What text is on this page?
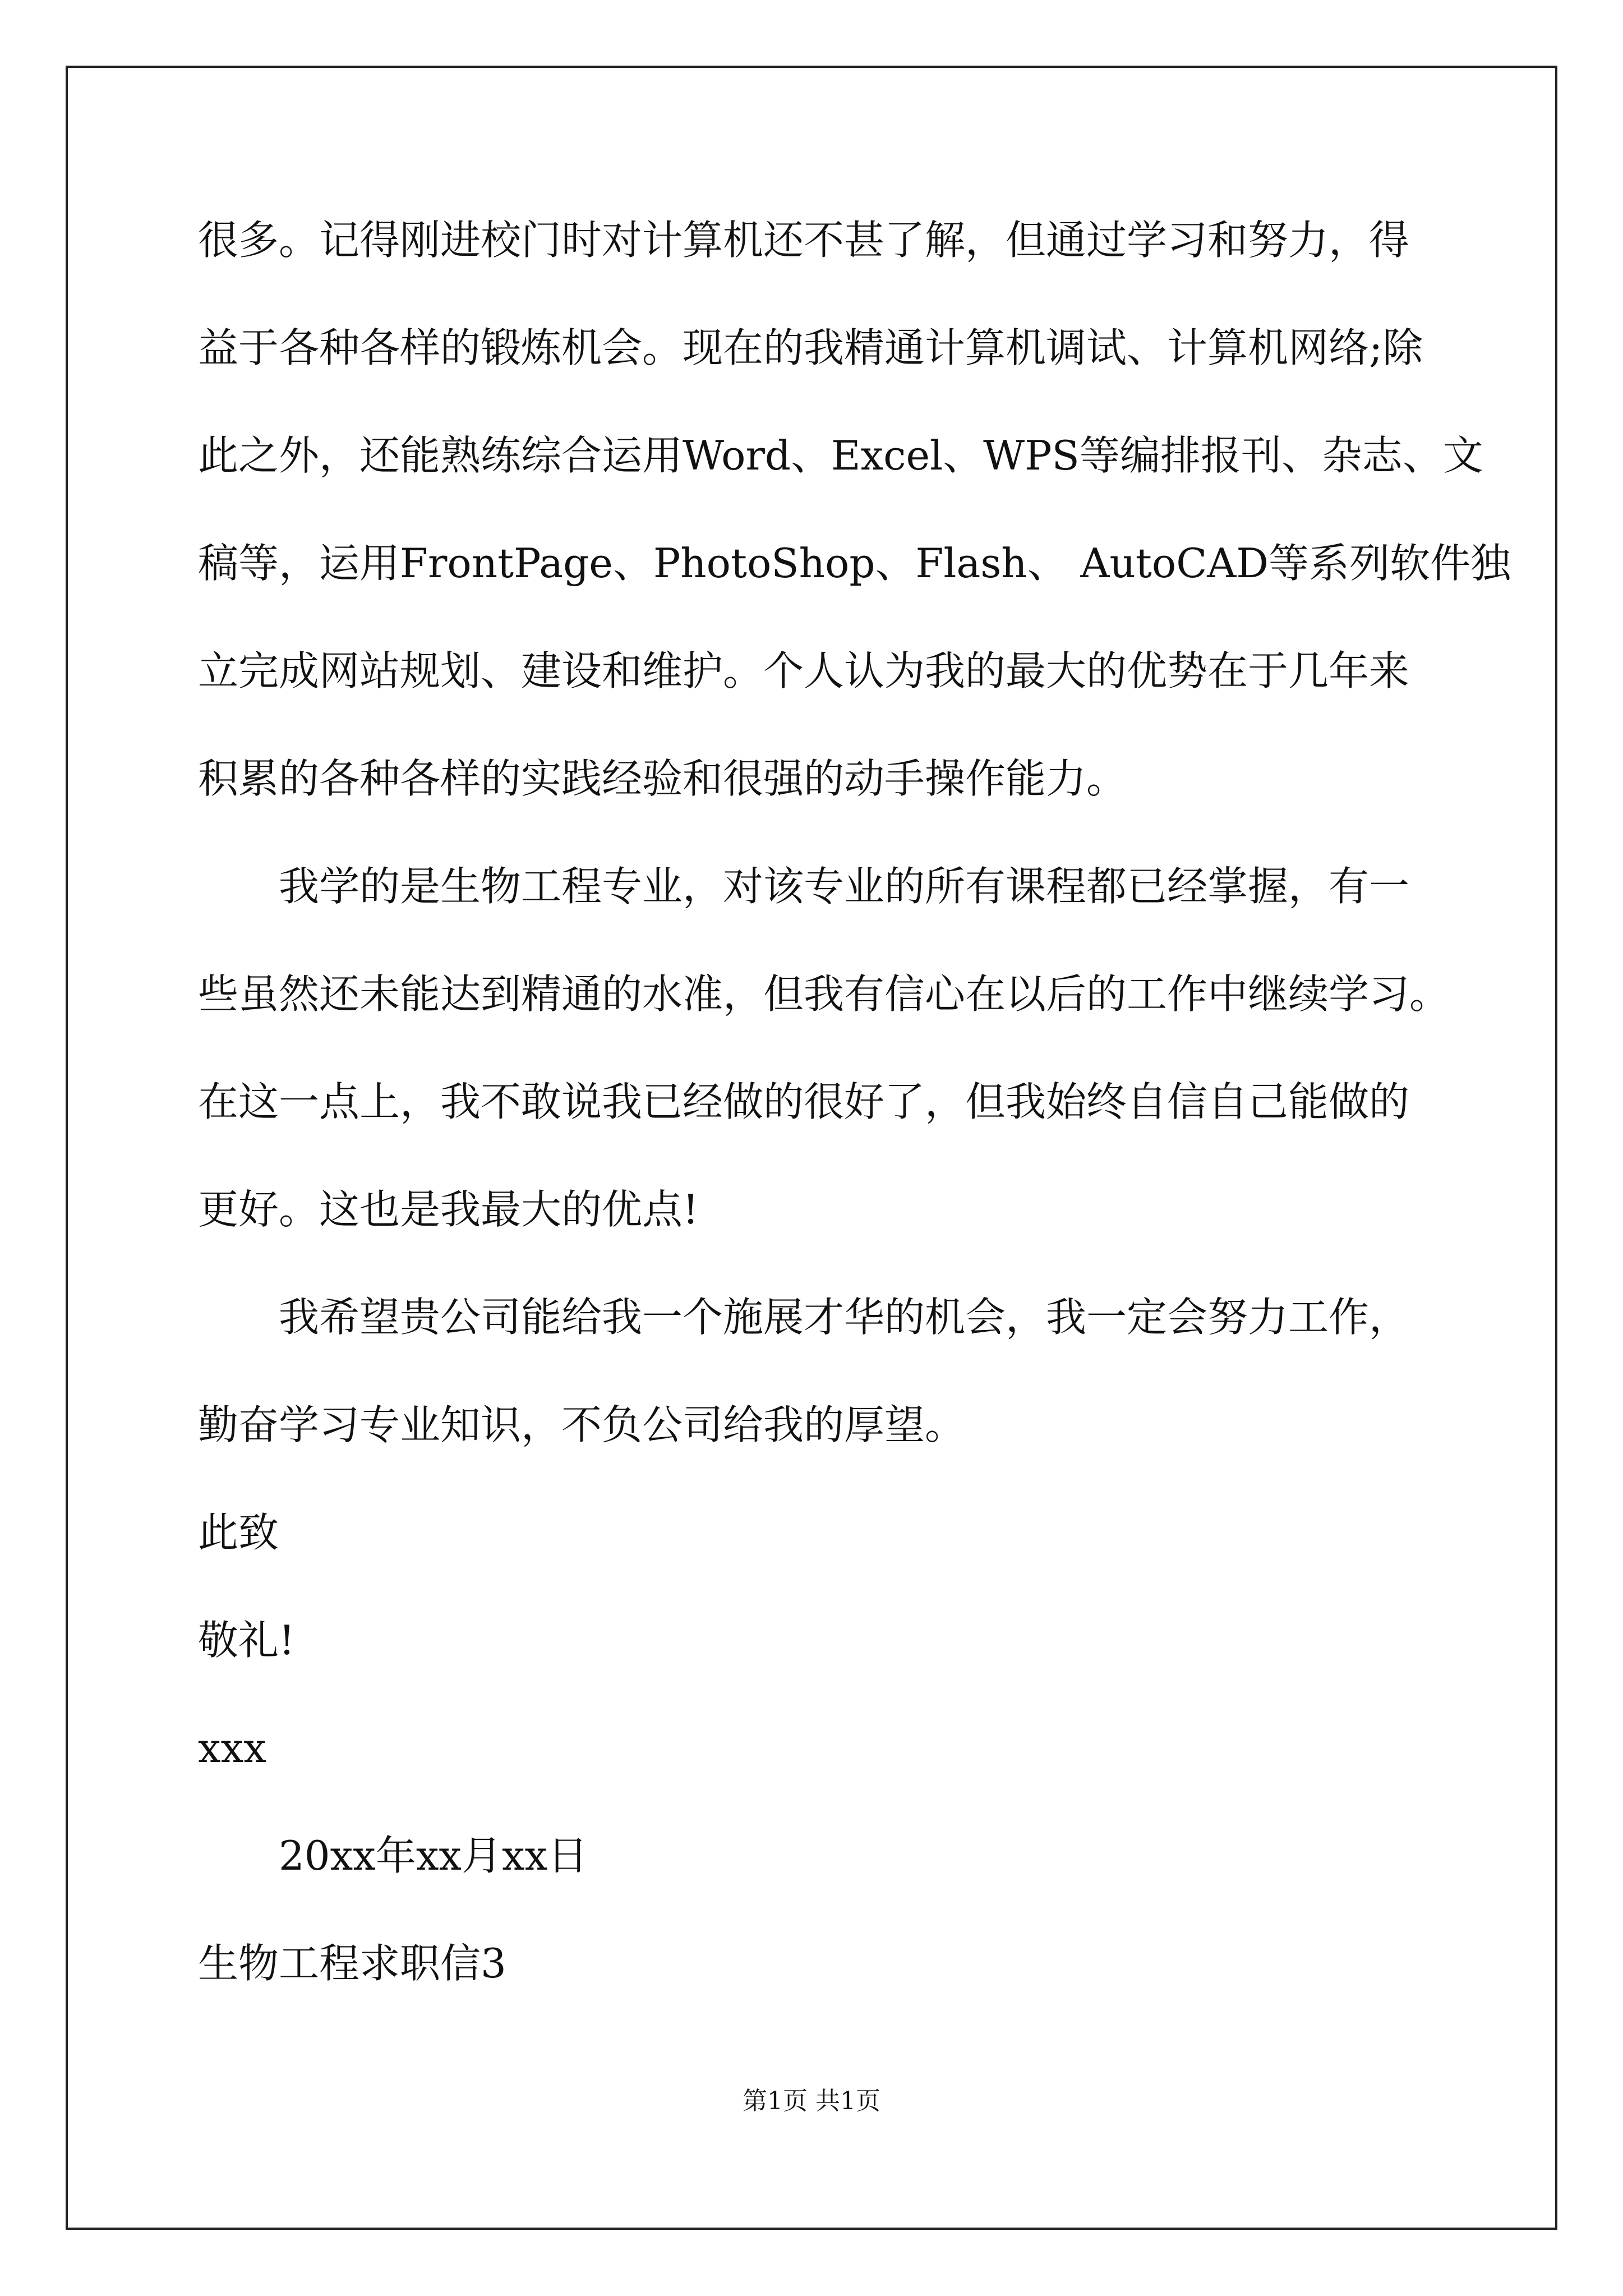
很多。记得刚进校门时对计算机还不甚了解，但通过学习和努力，得
益于各种各样的锻炼机会。现在的我精通计算机调试、计算机网络;除
此之外，还能熟练综合运用Word、Excel、WPS等编排报刊、杂志、文
稿等，运用FrontPage、PhotoShop、Flash、 AutoCAD等系列软件独
立完成网站规划、建设和维护。个人认为我的最大的优势在于几年来
积累的各种各样的实践经验和很强的动手操作能力。
我学的是生物工程专业，对该专业的所有课程都已经掌握，有一
些虽然还未能达到精通的水准，但我有信心在以后的工作中继续学习。
在这一点上，我不敢说我已经做的很好了，但我始终自信自己能做的
更好。这也是我最大的优点!
我希望贵公司能给我一个施展才华的机会，我一定会努力工作，
勤奋学习专业知识，不负公司给我的厚望。
此致
敬礼!
xxx
20xx年xx月xx日
生物工程求职信3
第1页 共1页
